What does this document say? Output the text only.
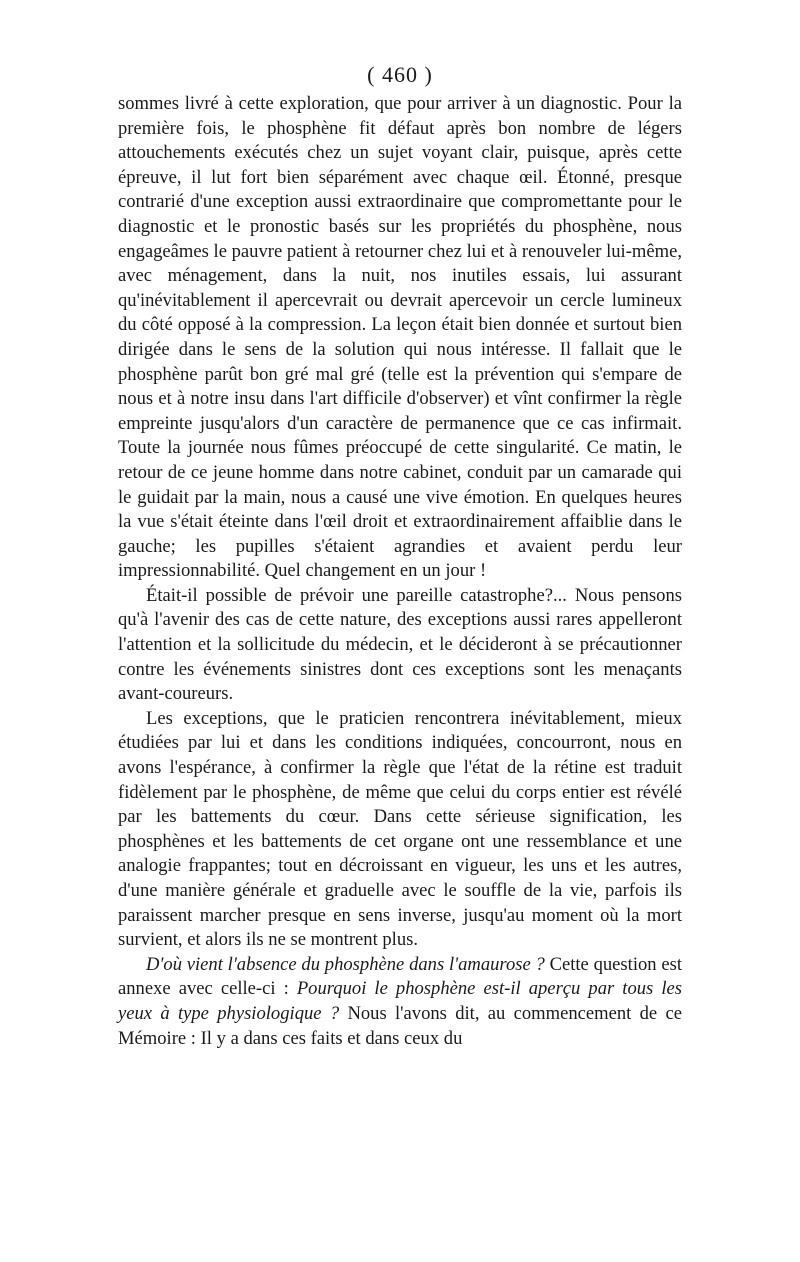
( 460 )

sommes livré à cette exploration, que pour arriver à un diagnostic. Pour la première fois, le phosphène fit défaut après bon nombre de légers attouchements exécutés chez un sujet voyant clair, puisque, après cette épreuve, il lut fort bien séparément avec chaque œil. Étonné, presque contrarié d'une exception aussi extraordinaire que compromettante pour le diagnostic et le pronostic basés sur les propriétés du phosphène, nous engageâmes le pauvre patient à retourner chez lui et à renouveler lui-même, avec ménagement, dans la nuit, nos inutiles essais, lui assurant qu'inévitablement il apercevrait ou devrait apercevoir un cercle lumineux du côté opposé à la compression. La leçon était bien donnée et surtout bien dirigée dans le sens de la solution qui nous intéresse. Il fallait que le phosphène parût bon gré mal gré (telle est la prévention qui s'empare de nous et à notre insu dans l'art difficile d'observer) et vînt confirmer la règle empreinte jusqu'alors d'un caractère de permanence que ce cas infirmait. Toute la journée nous fûmes préoccupé de cette singularité. Ce matin, le retour de ce jeune homme dans notre cabinet, conduit par un camarade qui le guidait par la main, nous a causé une vive émotion. En quelques heures la vue s'était éteinte dans l'œil droit et extraordinairement affaiblie dans le gauche; les pupilles s'étaient agrandies et avaient perdu leur impressionnabilité. Quel changement en un jour !

Était-il possible de prévoir une pareille catastrophe?... Nous pensons qu'à l'avenir des cas de cette nature, des exceptions aussi rares appelleront l'attention et la sollicitude du médecin, et le décideront à se précautionner contre les événements sinistres dont ces exceptions sont les menaçants avant-coureurs.

Les exceptions, que le praticien rencontrera inévitablement, mieux étudiées par lui et dans les conditions indiquées, concourront, nous en avons l'espérance, à confirmer la règle que l'état de la rétine est traduit fidèlement par le phosphène, de même que celui du corps entier est révélé par les battements du cœur. Dans cette sérieuse signification, les phosphènes et les battements de cet organe ont une ressemblance et une analogie frappantes; tout en décroissant en vigueur, les uns et les autres, d'une manière générale et graduelle avec le souffle de la vie, parfois ils paraissent marcher presque en sens inverse, jusqu'au moment où la mort survient, et alors ils ne se montrent plus.

D'où vient l'absence du phosphène dans l'amaurose ? Cette question est annexe avec celle-ci : Pourquoi le phosphène est-il aperçu par tous les yeux à type physiologique ? Nous l'avons dit, au commencement de ce Mémoire : Il y a dans ces faits et dans ceux du
